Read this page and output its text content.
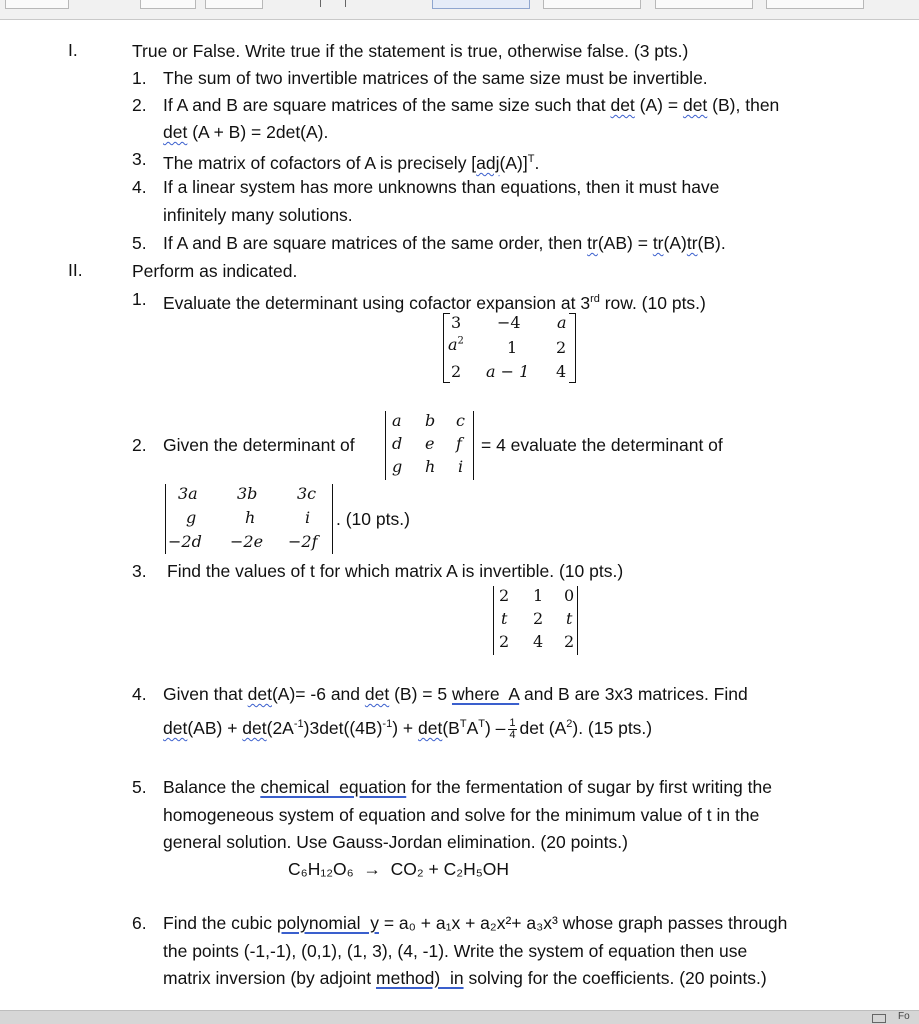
I.	True or False. Write true if the statement is true, otherwise false. (3 pts.)
1. The sum of two invertible matrices of the same size must be invertible.
2. If A and B are square matrices of the same size such that det (A) = det (B), then
det (A + B) = 2det(A).
3. The matrix of cofactors of A is precisely $[adj(A)]^T$.
4. If a linear system has more unknowns than equations, then it must have
infinitely many solutions.
5. If A and B are square matrices of the same order, then tr(AB) = tr(A)tr(B).
II.	Perform as indicated.
1. Evaluate the determinant using cofactor expansion at 3rd row. (10 pts.)
3 −4 a
$a^2$	1 2
2 a − 1 4
2. Given the determinant of
a b c
d e f
g h i
= 4 evaluate the determinant of
3a 3b 3c
g	h	i
−2d −2e −2f
. (10 pts.)
3. Find the values of t for which matrix A is invertible. (10 pts.)
2 1 0
t 2 t
2 4 2
4. Given that det(A)= -6 and det (B) = 5 where  A and B are 3x3 matrices. Find
$\det(AB) + \det(2A^{-1})3\det((4B)^{-1}) + \det(B^TA^T) - \frac{1}{4}$ $\det (A^2)$. (15 pts.)
5. Balance the chemical  equation for the fermentation of sugar by first writing the
homogeneous system of equation and solve for the minimum value of t in the
general solution. Use Gauss-Jordan elimination. (20 points.)
C₆H₁₂O₆  →  CO₂ + C₂H₅OH
6. Find the cubic polynomial  y = a₀ + a₁x + a₂x²+ a₃x³ whose graph passes through
the points (-1,-1), (0,1), (1, 3), (4, -1). Write the system of equation then use
matrix inversion (by adjoint method)  in solving for the coefficients. (20 points.)
Fo
